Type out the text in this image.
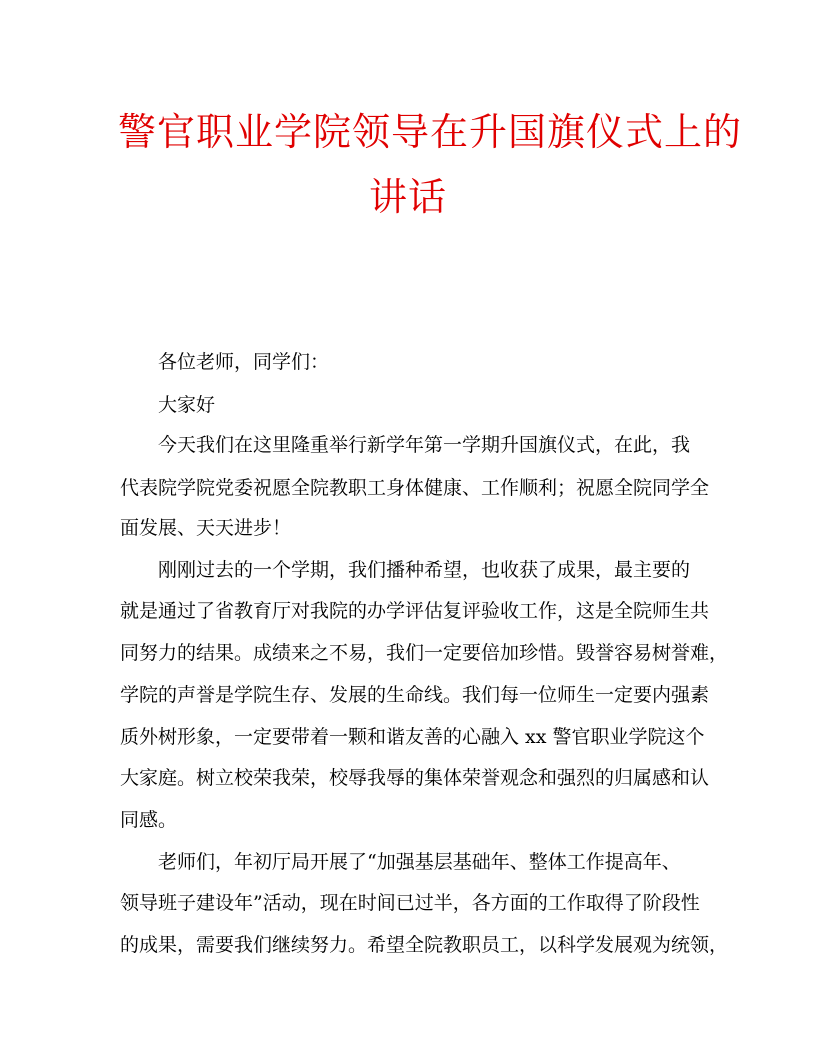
警官职业学院领导在升国旗仪式上的
讲话
　　各位老师，同学们：
　　大家好
　　今天我们在这里隆重举行新学年第一学期升国旗仪式，在此，我
代表院学院党委祝愿全院教职工身体健康、工作顺利；祝愿全院同学全
面发展、天天进步！
　　刚刚过去的一个学期，我们播种希望，也收获了成果，最主要的
就是通过了省教育厅对我院的办学评估复评验收工作，这是全院师生共
同努力的结果。成绩来之不易，我们一定要倍加珍惜。毁誉容易树誉难，
学院的声誉是学院生存、发展的生命线。我们每一位师生一定要内强素
质外树形象，一定要带着一颗和谐友善的心融入 xx 警官职业学院这个
大家庭。树立校荣我荣，校辱我辱的集体荣誉观念和强烈的归属感和认
同感。
　　老师们，年初厅局开展了“加强基层基础年、整体工作提高年、
领导班子建设年”活动，现在时间已过半，各方面的工作取得了阶段性
的成果，需要我们继续努力。希望全院教职员工，以科学发展观为统领，
